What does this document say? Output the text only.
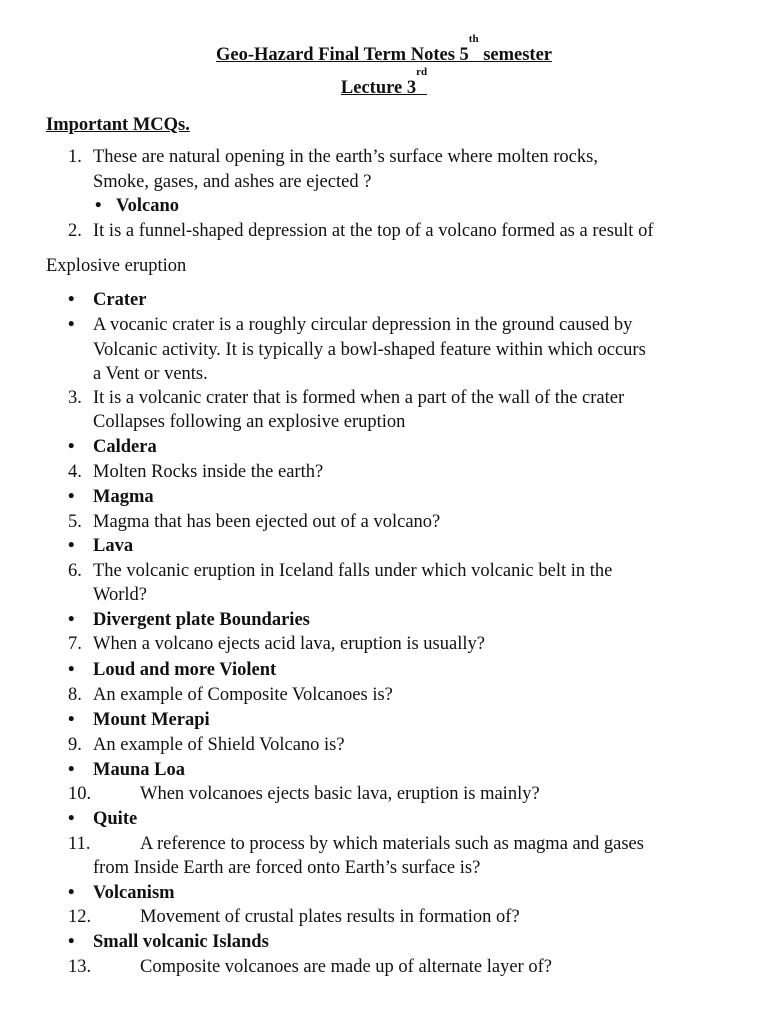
Geo-Hazard Final Term Notes 5th semester
Lecture 3rd
Important MCQs.
1. These are natural opening in the earth’s surface where molten rocks,
Smoke, gases, and ashes are ejected ?
• Volcano
2. It is a funnel-shaped depression at the top of a volcano formed as a result of
Explosive eruption
• Crater
• A vocanic crater is a roughly circular depression in the ground caused by
Volcanic activity. It is typically a bowl-shaped feature within which occurs
a Vent or vents.
3. It is a volcanic crater that is formed when a part of the wall of the crater
Collapses following an explosive eruption
• Caldera
4. Molten Rocks inside the earth?
• Magma
5. Magma that has been ejected out of a volcano?
• Lava
6. The volcanic eruption in Iceland falls under which volcanic belt in the
World?
• Divergent plate Boundaries
7. When a volcano ejects acid lava, eruption is usually?
• Loud and more Violent
8. An example of Composite Volcanoes is?
• Mount Merapi
9. An example of Shield Volcano is?
• Mauna Loa
10.	When volcanoes ejects basic lava, eruption is mainly?
• Quite
11.	A reference to process by which materials such as magma and gases
from Inside Earth are forced onto Earth’s surface is?
• Volcanism
12.	Movement of crustal plates results in formation of?
• Small volcanic Islands
13.	Composite volcanoes are made up of alternate layer of?
